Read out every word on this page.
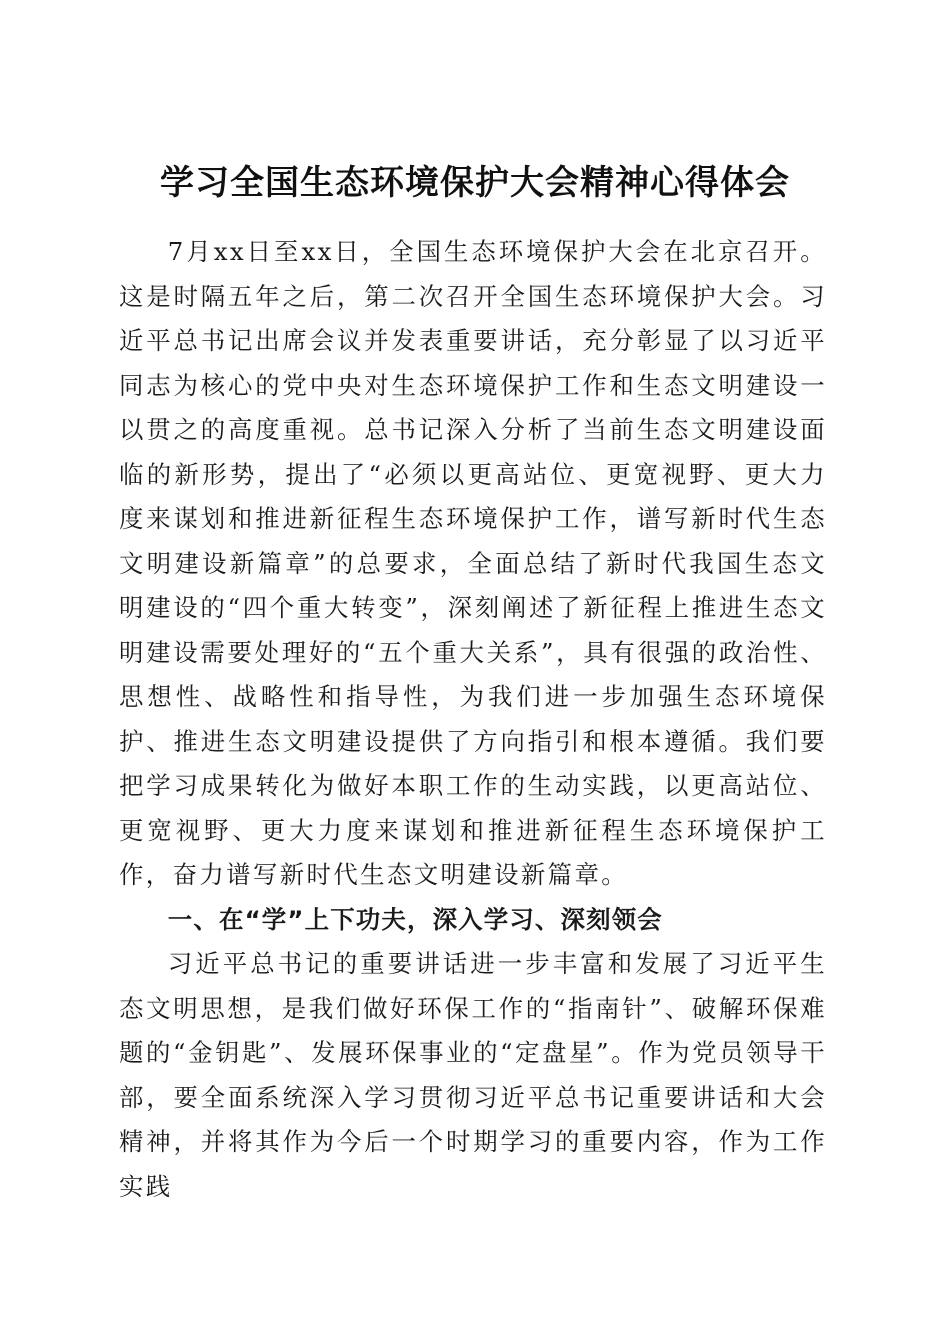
学习全国生态环境保护大会精神心得体会

7月xx日至xx日，全国生态环境保护大会在北京召开。这是时隔五年之后，第二次召开全国生态环境保护大会。习近平总书记出席会议并发表重要讲话，充分彰显了以习近平同志为核心的党中央对生态环境保护工作和生态文明建设一以贯之的高度重视。总书记深入分析了当前生态文明建设面临的新形势，提出了“必须以更高站位、更宽视野、更大力度来谋划和推进新征程生态环境保护工作，谱写新时代生态文明建设新篇章”的总要求，全面总结了新时代我国生态文明建设的“四个重大转变”，深刻阐述了新征程上推进生态文明建设需要处理好的“五个重大关系”，具有很强的政治性、思想性、战略性和指导性，为我们进一步加强生态环境保护、推进生态文明建设提供了方向指引和根本遵循。我们要把学习成果转化为做好本职工作的生动实践，以更高站位、更宽视野、更大力度来谋划和推进新征程生态环境保护工作，奋力谱写新时代生态文明建设新篇章。

一、在“学”上下功夫，深入学习、深刻领会

习近平总书记的重要讲话进一步丰富和发展了习近平生态文明思想，是我们做好环保工作的“指南针”、破解环保难题的“金钥匙”、发展环保事业的“定盘星”。作为党员领导干部，要全面系统深入学习贯彻习近平总书记重要讲话和大会精神，并将其作为今后一个时期学习的重要内容，作为工作实践
